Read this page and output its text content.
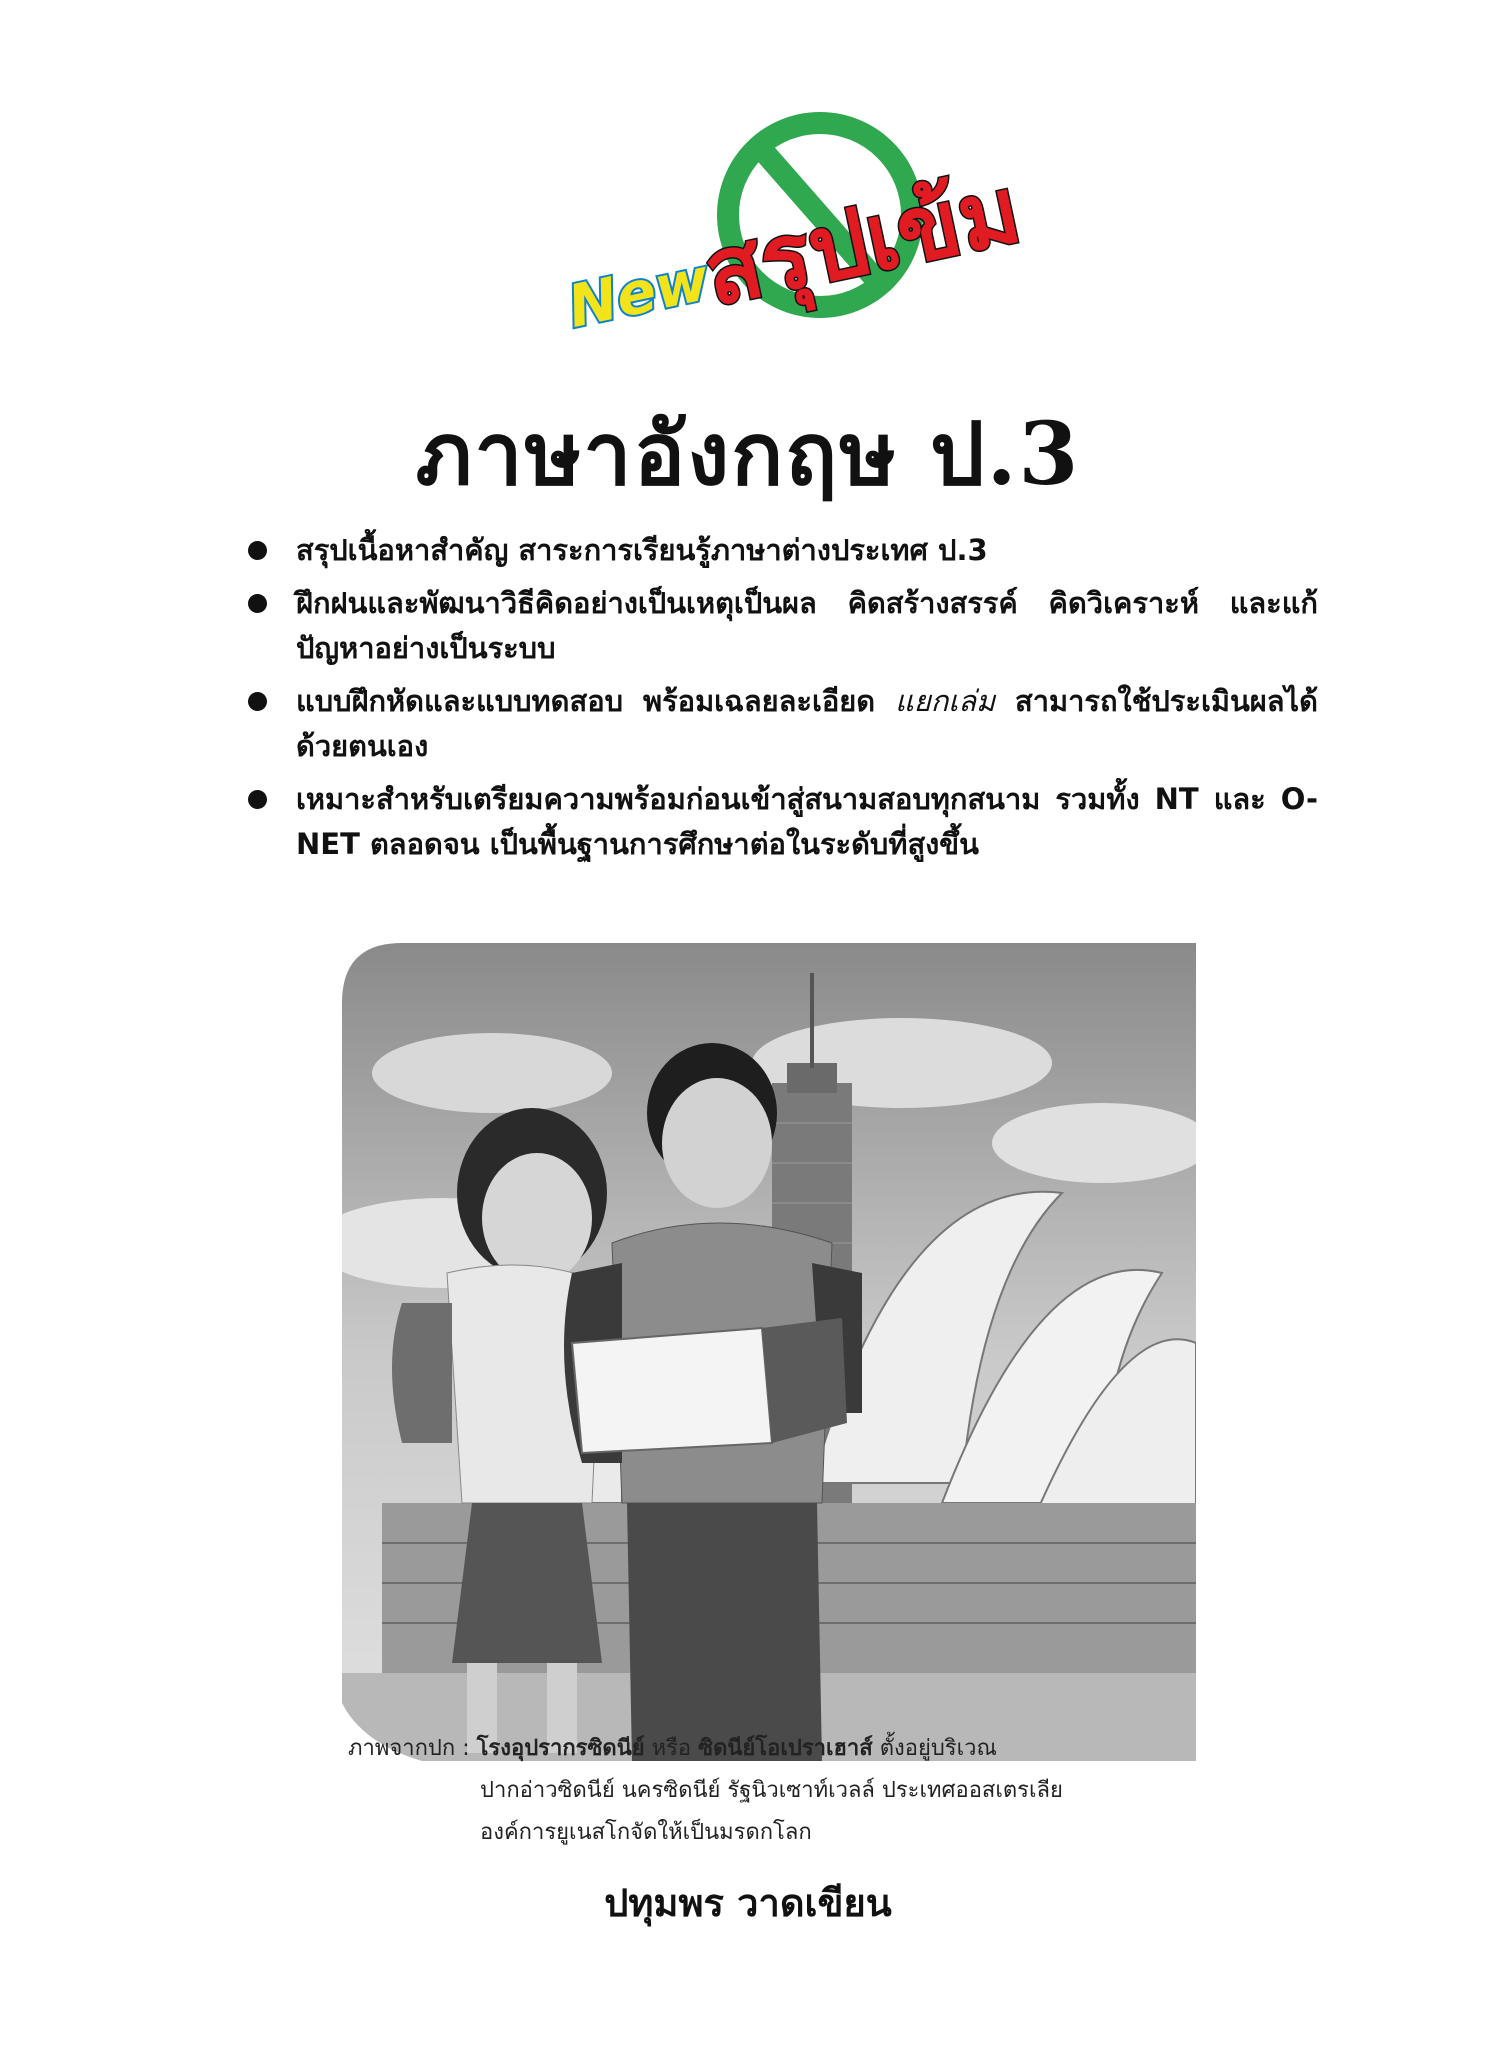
New
สรุปเข้ม
ภาษาอังกฤษ ป.3
สรุปเนื้อหาสำคัญ สาระการเรียนรู้ภาษาต่างประเทศ ป.3
ฝึกฝนและพัฒนาวิธีคิดอย่างเป็นเหตุเป็นผล คิดสร้างสรรค์ คิดวิเคราะห์ และแก้ปัญหาอย่างเป็นระบบ
แบบฝึกหัดและแบบทดสอบ พร้อมเฉลยละเอียด แยกเล่ม สามารถใช้ประเมินผลได้ด้วยตนเอง
เหมาะสำหรับเตรียมความพร้อมก่อนเข้าสู่สนามสอบทุกสนาม รวมทั้ง NT และ O-NET ตลอดจน เป็นพื้นฐานการศึกษาต่อในระดับที่สูงขึ้น
ภาพจากปก : โรงอุปรากรซิดนีย์ หรือ ซิดนีย์โอเปราเฮาส์ ตั้งอยู่บริเวณ
ปากอ่าวซิดนีย์ นครซิดนีย์ รัฐนิวเซาท์เวลล์ ประเทศออสเตรเลีย
องค์การยูเนสโกจัดให้เป็นมรดกโลก
ปทุมพร วาดเขียน
